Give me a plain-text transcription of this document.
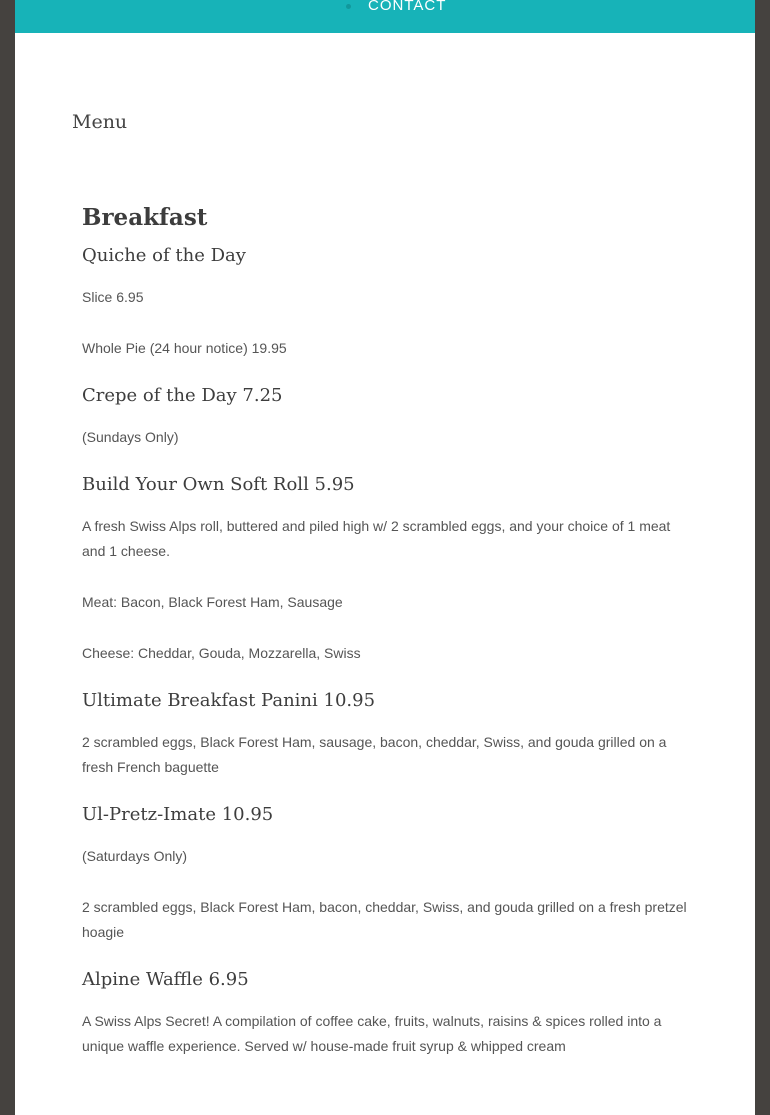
CONTACT
Menu
Breakfast
Quiche of the Day

Slice 6.95

Whole Pie (24 hour notice) 19.95

Crepe of the Day 7.25

(Sundays Only)

Build Your Own Soft Roll 5.95

A fresh Swiss Alps roll, buttered and piled high w/ 2 scrambled eggs, and your choice of 1 meat and 1 cheese.

Meat: Bacon, Black Forest Ham, Sausage

Cheese: Cheddar, Gouda, Mozzarella, Swiss

Ultimate Breakfast Panini 10.95

2 scrambled eggs, Black Forest Ham, sausage, bacon, cheddar, Swiss, and gouda grilled on a fresh French baguette

Ul-Pretz-Imate 10.95

(Saturdays Only)

2 scrambled eggs, Black Forest Ham, bacon, cheddar, Swiss, and gouda grilled on a fresh pretzel hoagie

Alpine Waffle 6.95

A Swiss Alps Secret! A compilation of coffee cake, fruits, walnuts, raisins & spices rolled into a unique waffle experience. Served w/ house-made fruit syrup & whipped cream
